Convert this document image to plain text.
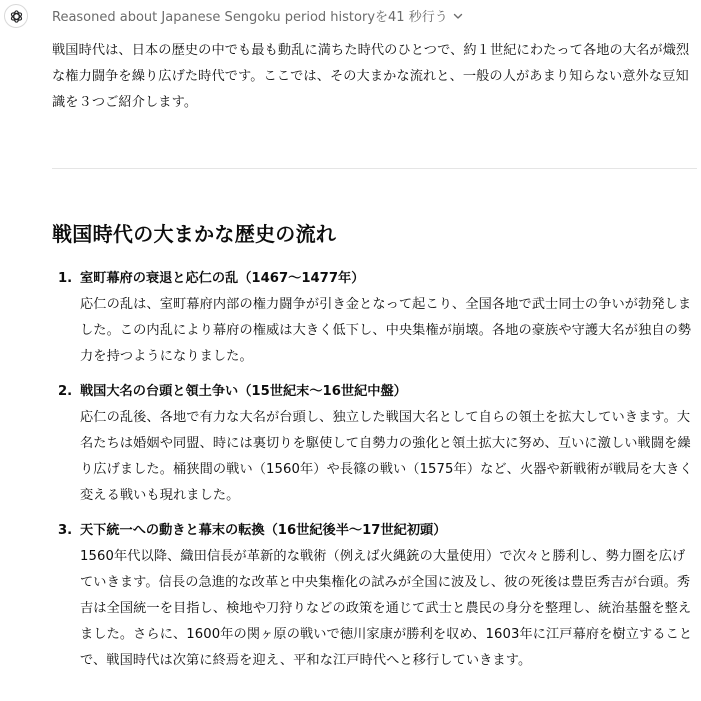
Reasoned about Japanese Sengoku period historyを41 秒行う

戦国時代は、日本の歴史の中でも最も動乱に満ちた時代のひとつで、約１世紀にわたって各地の大名が熾烈な権力闘争を繰り広げた時代です。ここでは、その大まかな流れと、一般の人があまり知らない意外な豆知識を３つご紹介します。

戦国時代の大まかな歴史の流れ
1. 室町幕府の衰退と応仁の乱（1467〜1477年）

応仁の乱は、室町幕府内部の権力闘争が引き金となって起こり、全国各地で武士同士の争いが勃発しました。この内乱により幕府の権威は大きく低下し、中央集権が崩壊。各地の豪族や守護大名が独自の勢力を持つようになりました。

2. 戦国大名の台頭と領土争い（15世紀末〜16世紀中盤）

応仁の乱後、各地で有力な大名が台頭し、独立した戦国大名として自らの領土を拡大していきます。大名たちは婚姻や同盟、時には裏切りを駆使して自勢力の強化と領土拡大に努め、互いに激しい戦闘を繰り広げました。桶狭間の戦い（1560年）や長篠の戦い（1575年）など、火器や新戦術が戦局を大きく変える戦いも現れました。

3. 天下統一への動きと幕末の転換（16世紀後半〜17世紀初頭）

1560年代以降、織田信長が革新的な戦術（例えば火縄銃の大量使用）で次々と勝利し、勢力圏を広げていきます。信長の急進的な改革と中央集権化の試みが全国に波及し、彼の死後は豊臣秀吉が台頭。秀吉は全国統一を目指し、検地や刀狩りなどの政策を通じて武士と農民の身分を整理し、統治基盤を整えました。さらに、1600年の関ヶ原の戦いで徳川家康が勝利を収め、1603年に江戸幕府を樹立することで、戦国時代は次第に終焉を迎え、平和な江戸時代へと移行していきます。
